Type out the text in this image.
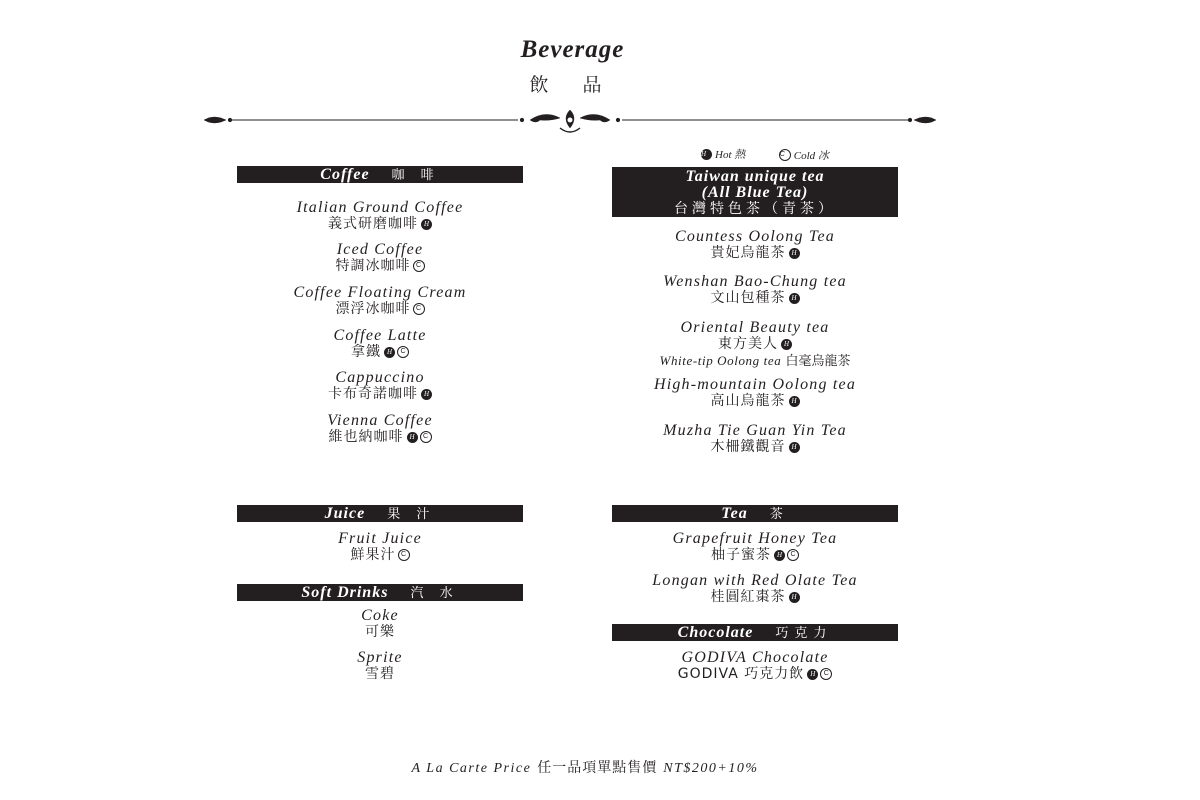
Beverage
飲 品
H Hot 熱
	C Cold 冰
Coffee 咖 啡
Italian Ground Coffee
義式研磨咖啡 H
Iced Coffee
特調冰咖啡 C
Coffee Floating Cream
漂浮冰咖啡 C
Coffee Latte
拿鐵 H C
Cappuccino
卡布奇諾咖啡 H
Vienna Coffee
維也納咖啡 H C
Juice 果 汁
Fruit Juice
鮮果汁 C
Soft Drinks 汽 水
Coke
可樂
Sprite
雪碧
Taiwan unique tea
(All Blue Tea)
台灣特色茶（青茶）
Countess Oolong Tea
貴妃烏龍茶 H
Wenshan Bao-Chung tea
文山包種茶 H
Oriental Beauty tea
東方美人 H
White-tip Oolong tea 白毫烏龍茶
High-mountain Oolong tea
高山烏龍茶 H
Muzha Tie Guan Yin Tea
木柵鐵觀音 H
Tea 茶
Grapefruit Honey Tea
柚子蜜茶 H C
Longan with Red Olate Tea
桂圓紅棗茶 H
Chocolate 巧克力
GODIVA Chocolate
GODIVA 巧克力飲 H C
A La Carte Price 任一品項單點售價 NT$200+10%
